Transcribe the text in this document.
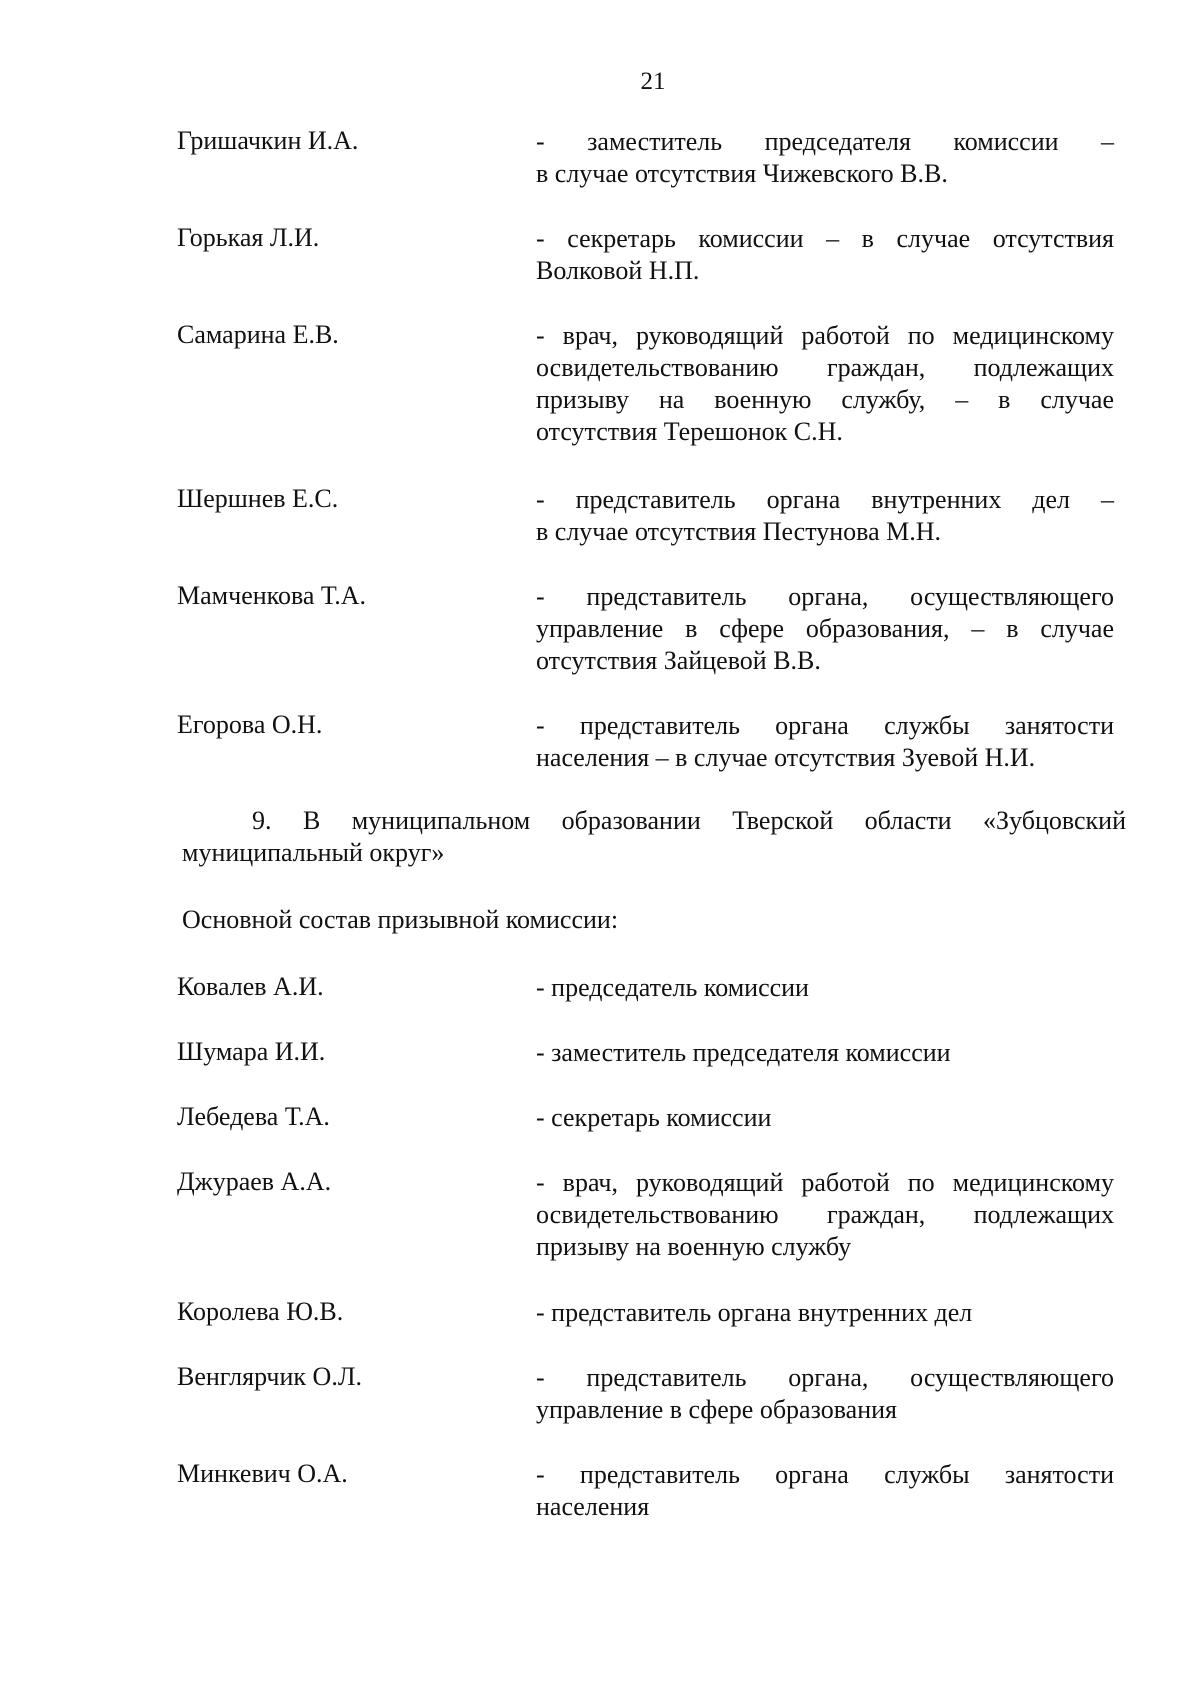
21
Гришачкин И.А.	- заместитель председателя комиссии –
в случае отсутствия Чижевского В.В.
Горькая Л.И.	- секретарь комиссии – в случае отсутствия
Волковой Н.П.
Самарина Е.В.	- врач, руководящий работой по медицинскому
освидетельствованию граждан, подлежащих
призыву на военную службу, – в случае
отсутствия Терешонок С.Н.
Шершнев Е.С.	- представитель органа внутренних дел –
в случае отсутствия Пестунова М.Н.
Мамченкова Т.А.	- представитель органа, осуществляющего
управление в сфере образования, – в случае
отсутствия Зайцевой В.В.
Егорова О.Н.	- представитель органа службы занятости
населения – в случае отсутствия Зуевой Н.И.
9. В муниципальном образовании Тверской области «Зубцовский
муниципальный округ»
Основной состав призывной комиссии:
Ковалев А.И.	- председатель комиссии
Шумара И.И.	- заместитель председателя комиссии
Лебедева Т.А.	- секретарь комиссии
Джураев А.А.	- врач, руководящий работой по медицинскому
освидетельствованию граждан, подлежащих
призыву на военную службу
Королева Ю.В.	- представитель органа внутренних дел
Венглярчик О.Л.	- представитель органа, осуществляющего
управление в сфере образования
Минкевич О.А.	- представитель органа службы занятости
населения
